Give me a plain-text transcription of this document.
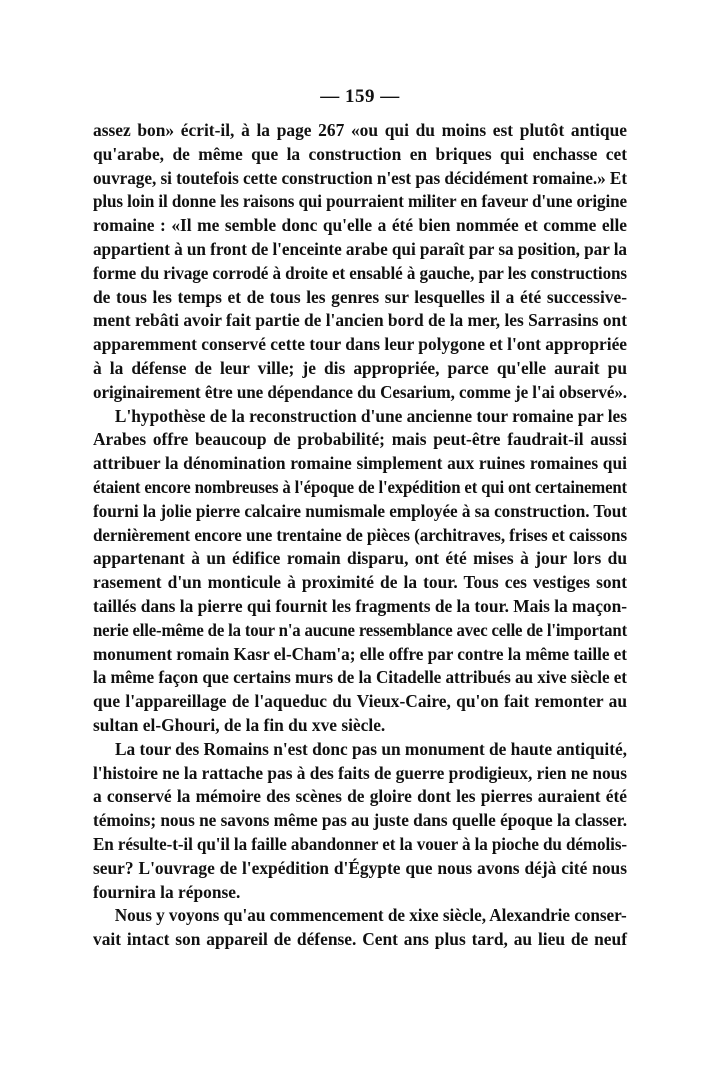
— 159 —
assez bon» écrit-il, à la page 267 «ou qui du moins est plutôt antique
qu'arabe, de même que la construction en briques qui enchasse cet
ouvrage, si toutefois cette construction n'est pas décidément romaine.» Et
plus loin il donne les raisons qui pourraient militer en faveur d'une origine
romaine : «Il me semble donc qu'elle a été bien nommée et comme elle
appartient à un front de l'enceinte arabe qui paraît par sa position, par la
forme du rivage corrodé à droite et ensablé à gauche, par les constructions
de tous les temps et de tous les genres sur lesquelles il a été successive-
ment rebâti avoir fait partie de l'ancien bord de la mer, les Sarrasins ont
apparemment conservé cette tour dans leur polygone et l'ont appropriée
à la défense de leur ville; je dis appropriée, parce qu'elle aurait pu
originairement être une dépendance du Cesarium, comme je l'ai observé».
L'hypothèse de la reconstruction d'une ancienne tour romaine par les
Arabes offre beaucoup de probabilité; mais peut-être faudrait-il aussi
attribuer la dénomination romaine simplement aux ruines romaines qui
étaient encore nombreuses à l'époque de l'expédition et qui ont certainement
fourni la jolie pierre calcaire numismale employée à sa construction. Tout
dernièrement encore une trentaine de pièces (architraves, frises et caissons
appartenant à un édifice romain disparu, ont été mises à jour lors du
rasement d'un monticule à proximité de la tour. Tous ces vestiges sont
taillés dans la pierre qui fournit les fragments de la tour. Mais la maçon-
nerie elle-même de la tour n'a aucune ressemblance avec celle de l'important
monument romain Kasr el-Cham'a; elle offre par contre la même taille et
la même façon que certains murs de la Citadelle attribués au xive siècle et
que l'appareillage de l'aqueduc du Vieux-Caire, qu'on fait remonter au
sultan el-Ghouri, de la fin du xve siècle.
La tour des Romains n'est donc pas un monument de haute antiquité,
l'histoire ne la rattache pas à des faits de guerre prodigieux, rien ne nous
a conservé la mémoire des scènes de gloire dont les pierres auraient été
témoins; nous ne savons même pas au juste dans quelle époque la classer.
En résulte-t-il qu'il la faille abandonner et la vouer à la pioche du démolis-
seur? L'ouvrage de l'expédition d'Égypte que nous avons déjà cité nous
fournira la réponse.
Nous y voyons qu'au commencement de xixe siècle, Alexandrie conser-
vait intact son appareil de défense. Cent ans plus tard, au lieu de neuf
